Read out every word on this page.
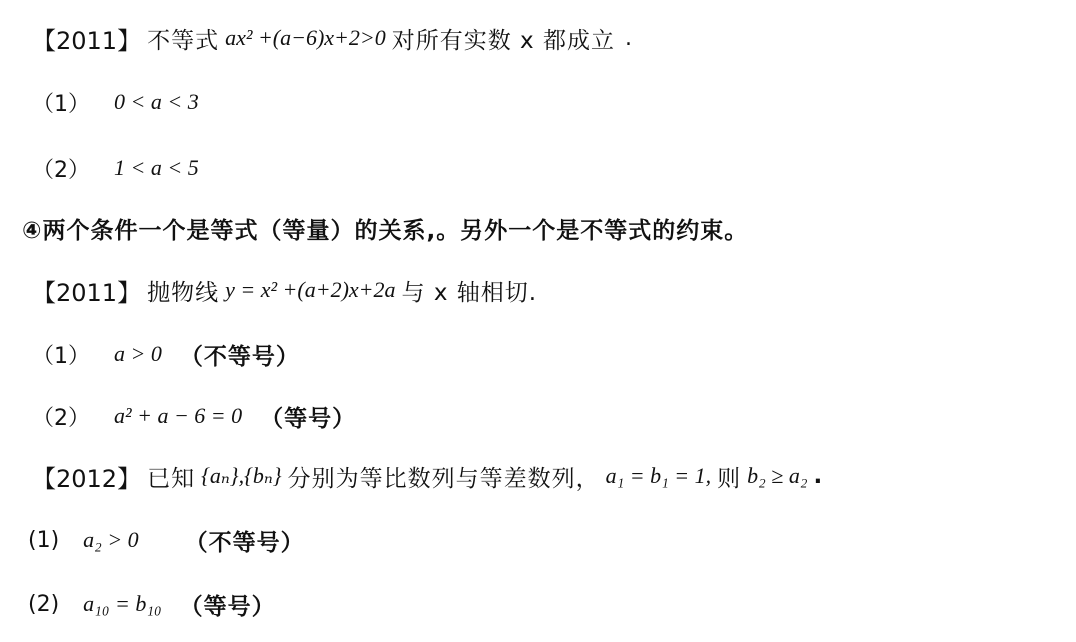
【2011】 不等式 ax² +(a−6)x+2>0 对所有实数 x 都成立 .
（1） 0 < a < 3
（2） 1 < a < 5
④两个条件一个是等式（等量）的关系,。另外一个是不等式的约束。
【2011】 抛物线 y = x² +(a+2)x+2a 与 x 轴相切.
（1） a > 0 （不等号）
（2） a² + a − 6 = 0 （等号）
【2012】 已知 {aₙ},{bₙ} 分别为等比数列与等差数列， a₁ = b₁ = 1, 则 b₂ ≥ a₂ .
(1) a₂ > 0 （不等号）
(2) a₁₀ = b₁₀ （等号）
